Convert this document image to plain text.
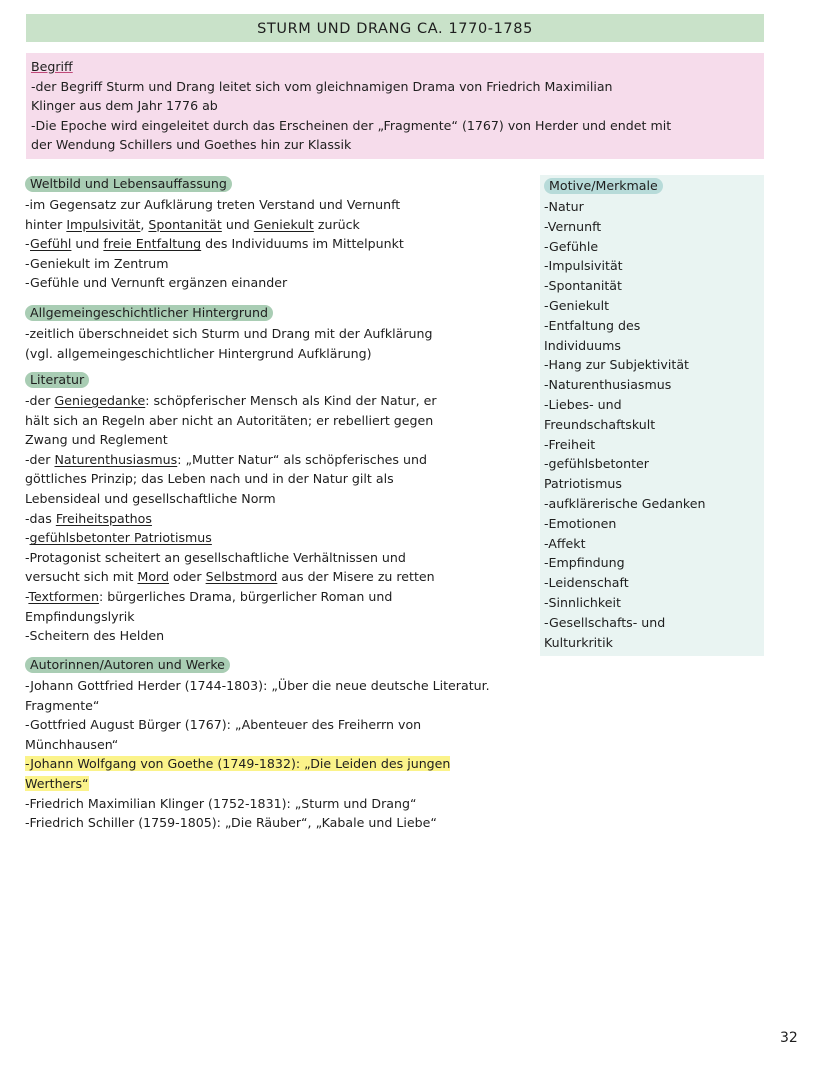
STURM UND DRANG CA. 1770-1785
Begriff
-der Begriff Sturm und Drang leitet sich vom gleichnamigen Drama von Friedrich Maximilian
Klinger aus dem Jahr 1776 ab
-Die Epoche wird eingeleitet durch das Erscheinen der „Fragmente“ (1767) von Herder und endet mit
der Wendung Schillers und Goethes hin zur Klassik
Weltbild und Lebensauffassung
-im Gegensatz zur Aufklärung treten Verstand und Vernunft
hinter Impulsivität, Spontanität und Geniekult zurück
-Gefühl und freie Entfaltung des Individuums im Mittelpunkt
-Geniekult im Zentrum
-Gefühle und Vernunft ergänzen einander
Allgemeingeschichtlicher Hintergrund
-zeitlich überschneidet sich Sturm und Drang mit der Aufklärung
(vgl. allgemeingeschichtlicher Hintergrund Aufklärung)
Literatur
-der Geniegedanke: schöpferischer Mensch als Kind der Natur, er
hält sich an Regeln aber nicht an Autoritäten; er rebelliert gegen
Zwang und Reglement
-der Naturenthusiasmus: „Mutter Natur“ als schöpferisches und
göttliches Prinzip; das Leben nach und in der Natur gilt als
Lebensideal und gesellschaftliche Norm
-das Freiheitspathos
-gefühlsbetonter Patriotismus
-Protagonist scheitert an gesellschaftliche Verhältnissen und
versucht sich mit Mord oder Selbstmord aus der Misere zu retten
-Textformen: bürgerliches Drama, bürgerlicher Roman und
Empfindungslyrik
-Scheitern des Helden
Autorinnen/Autoren und Werke
-Johann Gottfried Herder (1744-1803): „Über die neue deutsche Literatur.
Fragmente“
-Gottfried August Bürger (1767): „Abenteuer des Freiherrn von
Münchhausen“
-Johann Wolfgang von Goethe (1749-1832): „Die Leiden des jungen
Werthers“
-Friedrich Maximilian Klinger (1752-1831): „Sturm und Drang“
-Friedrich Schiller (1759-1805): „Die Räuber“, „Kabale und Liebe“
Motive/Merkmale
-Natur
-Vernunft
-Gefühle
-Impulsivität
-Spontanität
-Geniekult
-Entfaltung des
Individuums
-Hang zur Subjektivität
-Naturenthusiasmus
-Liebes- und
Freundschaftskult
-Freiheit
-gefühlsbetonter
Patriotismus
-aufklärerische Gedanken
-Emotionen
-Affekt
-Empfindung
-Leidenschaft
-Sinnlichkeit
-Gesellschafts- und
Kulturkritik
32
